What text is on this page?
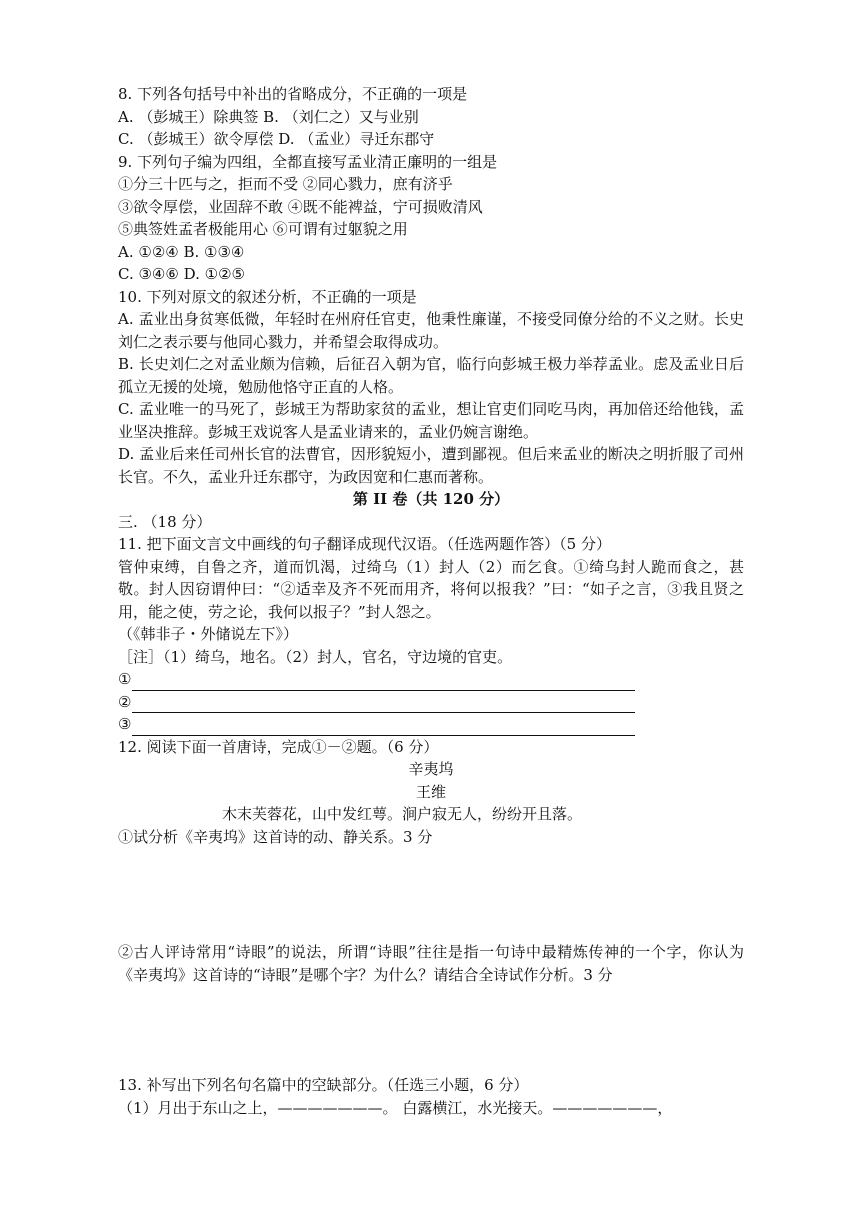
8. 下列各句括号中补出的省略成分，不正确的一项是
A. （彭城王）除典签 B. （刘仁之）又与业别
C. （彭城王）欲令厚偿 D. （孟业）寻迁东郡守
9. 下列句子编为四组，全都直接写孟业清正廉明的一组是
①分三十匹与之，拒而不受 ②同心戮力，庶有济乎
③欲令厚偿，业固辞不敢 ④既不能裨益，宁可损败清风
⑤典签姓孟者极能用心 ⑥可谓有过躯貌之用
A. ①②④ B. ①③④
C. ③④⑥ D. ①②⑤
10. 下列对原文的叙述分析，不正确的一项是
A. 孟业出身贫寒低微，年轻时在州府任官吏，他秉性廉谨，不接受同僚分给的不义之财。长史刘仁之表示要与他同心戮力，并希望会取得成功。
B. 长史刘仁之对孟业颇为信赖，后征召入朝为官，临行向彭城王极力举荐孟业。虑及孟业日后孤立无援的处境，勉励他恪守正直的人格。
C. 孟业唯一的马死了，彭城王为帮助家贫的孟业，想让官吏们同吃马肉，再加倍还给他钱，孟业坚决推辞。彭城王戏说客人是孟业请来的，孟业仍婉言谢绝。
D. 孟业后来任司州长官的法曹官，因形貌短小，遭到鄙视。但后来孟业的断决之明折服了司州长官。不久，孟业升迁东郡守，为政因宽和仁惠而著称。
第 II 卷（共 120 分）
三. （18 分）
11. 把下面文言文中画线的句子翻译成现代汉语。（任选两题作答）（5 分）
管仲束缚，自鲁之齐，道而饥渴，过绮乌（1）封人（2）而乞食。①绮乌封人跪而食之，甚敬。封人因窃谓仲曰：“②适幸及齐不死而用齐，将何以报我？”曰：“如子之言，③我且贤之用，能之使，劳之论，我何以报子？”封人怨之。
（《韩非子・外储说左下》）
［注］（1）绮乌，地名。（2）封人，官名，守边境的官吏。
①
②
③
12. 阅读下面一首唐诗，完成①－②题。（6 分）
辛夷坞
王维
木末芙蓉花，山中发红萼。涧户寂无人，纷纷开且落。
①试分析《辛夷坞》这首诗的动、静关系。3 分
②古人评诗常用“诗眼”的说法，所谓“诗眼”往往是指一句诗中最精炼传神的一个字，你认为《辛夷坞》这首诗的“诗眼”是哪个字？为什么？请结合全诗试作分析。3 分
13. 补写出下列名句名篇中的空缺部分。（任选三小题，6 分）
（1）月出于东山之上，———————。 白露横江，水光接天。———————，
